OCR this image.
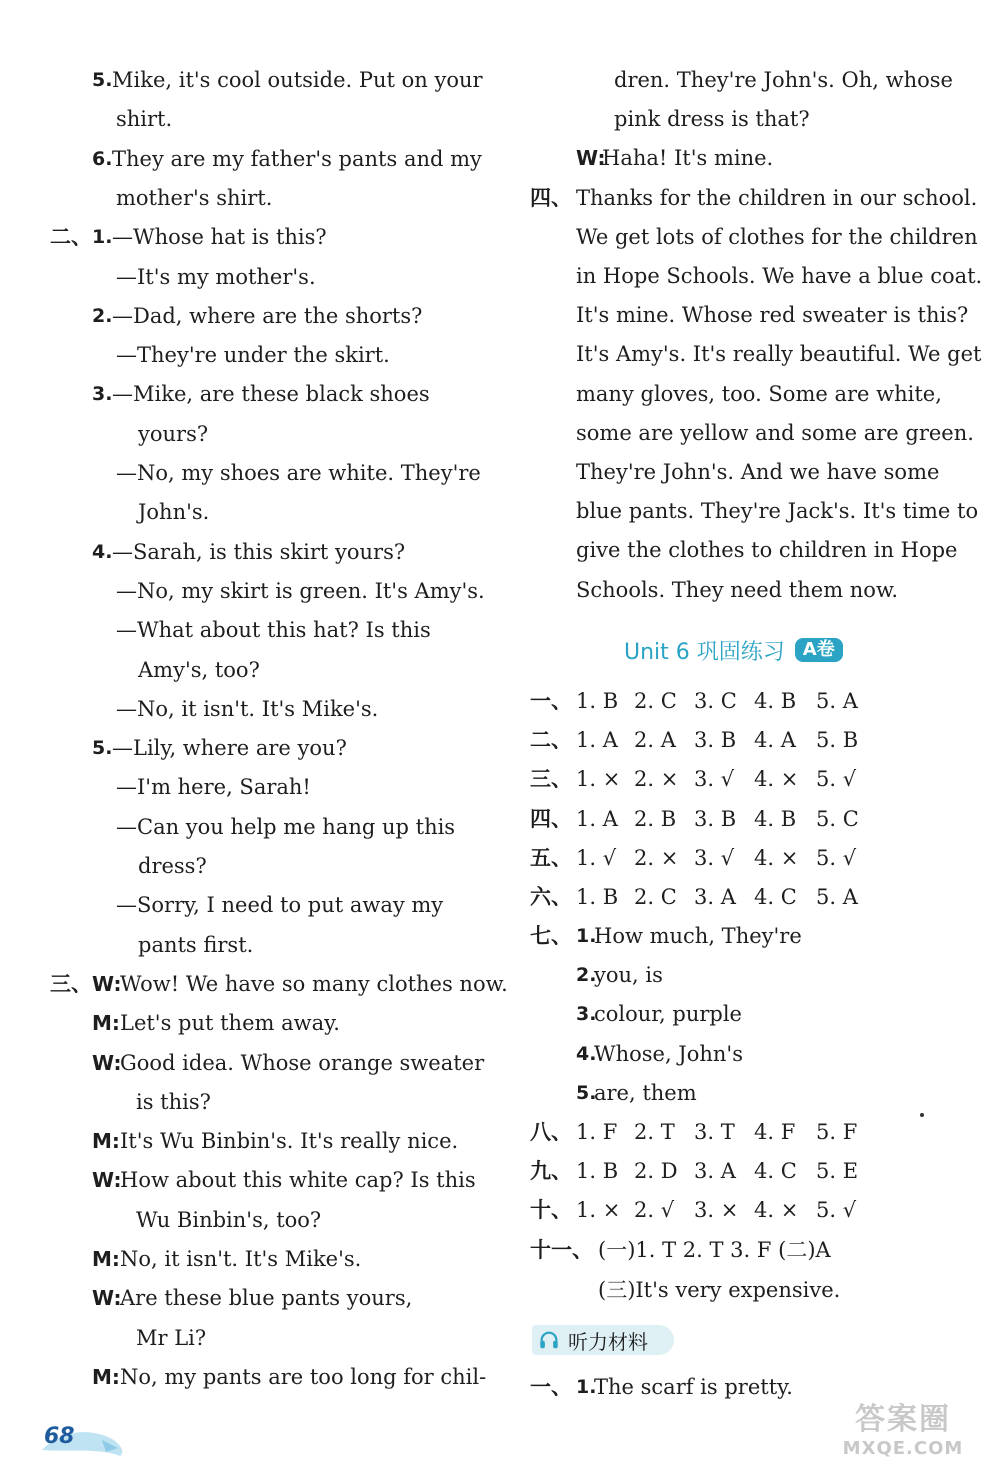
5. Mike, it's cool outside. Put on your
shirt.
6. They are my father's pants and my
mother's shirt.
二、 1. —Whose hat is this?
—It's my mother's.
2. —Dad, where are the shorts?
—They're under the skirt.
3. —Mike, are these black shoes
yours?
—No, my shoes are white. They're
John's.
4. —Sarah, is this skirt yours?
—No, my skirt is green. It's Amy's.
—What about this hat? Is this
Amy's, too?
—No, it isn't. It's Mike's.
5. —Lily, where are you?
—I'm here, Sarah!
—Can you help me hang up this
dress?
—Sorry, I need to put away my
pants first.
三、 W:
Wow! We have so many clothes now.
M: Let's put them away.
W:
Good idea. Whose orange sweater
is this?
M: It's Wu Binbin's. It's really nice.
W:
How about this white cap? Is this
Wu Binbin's, too?
M: No, it isn't. It's Mike's.
W:
Are these blue pants yours,
Mr Li?
M: No, my pants are too long for chil-
dren. They're John's. Oh, whose
pink dress is that?
W:
Haha! It's mine.
四、 Thanks for the children in our school.
We get lots of clothes for the children
in Hope Schools. We have a blue coat.
It's mine. Whose red sweater is this?
It's Amy's. It's really beautiful. We get
many gloves, too. Some are white,
some are yellow and some are green.
They're John's. And we have some
blue pants. They're Jack's. It's time to
give the clothes to children in Hope
Schools. They need them now.
一、 1. B 2. C 3. C 4. B 5. A
二、 1. A 2. A 3. B 4. A 5. B
三、 1. × 2. × 3. √ 4. × 5. √
四、 1. A 2. B 3. B 4. B 5. C
五、 1. √ 2. × 3. √ 4. × 5. √
六、 1. B 2. C 3. A 4. C 5. A
七、 1.
How much, They're
2.
you, is
3.
colour, purple
4.
Whose, John's
5.
are, them
八、 1. F 2. T 3. T 4. F 5. F
九、 1. B 2. D 3. A 4. C 5. E
十、 1. × 2. √ 3. × 4. × 5. √
十一、 (一)1. T 2. T 3. F (二)A
(三)It's very expensive.
一、 1.
The scarf is pretty.
Unit 6 巩固练习	A卷
听力材料
68	答案圈
MXQE.COM
